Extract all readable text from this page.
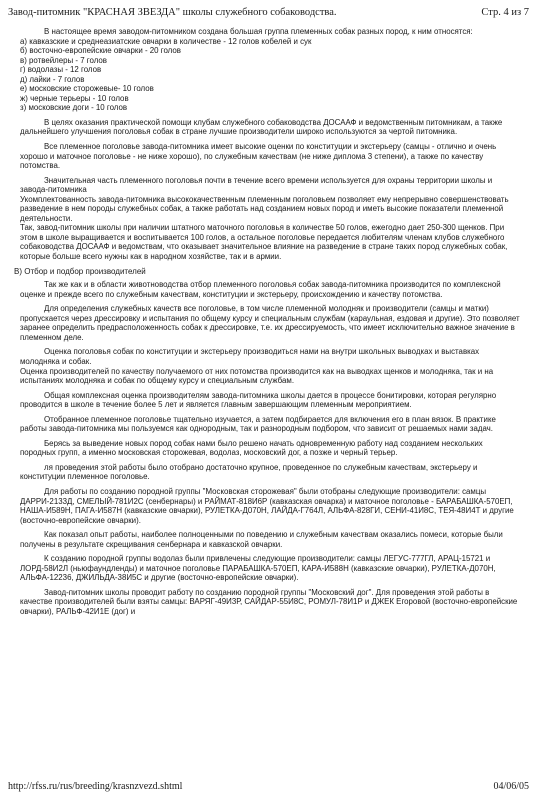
Завод-питомник "КРАСНАЯ ЗВЕЗДА" школы служебного собаководства.	Стр. 4 из 7

В настоящее время заводом-питомником создана большая группа племенных собак разных пород, к ним относятся:

а) кавказские и среднеазиатские овчарки в количестве - 12 голов кобелей и сук
б) восточно-европейские овчарки - 20 голов
в) ротвейлеры - 7 голов
г) водолазы - 12 голов
д) лайки - 7 голов
е) московские сторожевые- 10 голов
ж) черные терьеры - 10 голов
з) московские доги - 10 голов

В целях оказания практической помощи клубам служебного собаководства ДОСААФ и ведомственным питомникам, а также дальнейшего улучшения поголовья собак в стране лучшие производители широко используются за чертой питомника.

Все племенное поголовье завода-питомника имеет высокие оценки по конституции и экстерьеру (самцы - отлично и очень хорошо и маточное поголовье - не ниже хорошо), по служебным качествам (не ниже диплома 3 степени), а также по качеству потомства.

Значительная часть племенного поголовья почти в течение всего времени используется для охраны территории школы и завода-питомника

Укомплектованность завода-питомника высококачественным племенным поголовьем позволяет ему непрерывно совершенствовать разведение в нем породы служебных собак, а также работать над созданием новых пород и иметь высокие показатели племенной деятельности.

Так, завод-питомник школы при наличии штатного маточного поголовья в количестве 50 голов, ежегодно дает 250-300 щенков. При этом в школе выращивается и воспитывается 100 голов, а остальное поголовье передается любителям членам клубов служебного собаководства ДОСААФ и ведомствам, что оказывает значительное влияние на разведение в стране таких пород служебных собак, которые больше всего нужны как в народном хозяйстве, так и в армии.

В) Отбор и подбор производителей

Так же как и в области животноводства отбор племенного поголовья собак завода-питомника производится по комплексной оценке и прежде всего по служебным качествам, конституции и экстерьеру, происхождению и качеству потомства.

Для определения служебных качеств все поголовье, в том числе племенной молодняк и производители (самцы и матки) пропускается через дрессировку и испытания по общему курсу и специальным службам (караульная, ездовая и другие). Это позволяет заранее определить предрасположенность собак к дрессировке, т.е. их дрессируемость, что имеет исключительно важное значение в племенном деле.

Оценка поголовья собак по конституции и экстерьеру производиться нами на внутри школьных выводках и выставках молодняка и собак.

Оценка производителей по качеству получаемого от них потомства производится как на выводках щенков и молодняка, так и на испытаниях молодняка и собак по общему курсу и специальным службам.

Общая комплексная оценка производителям завода-питомника школы дается в процессе бонитировки, которая регулярно проводится в школе в течение более 5 лет и является главным завершающим племенным мероприятием.

Отобранное племенное поголовье тщательно изучается, а затем подбирается для включения его в план вязок. В практике работы завода-питомника мы пользуемся как однородным, так и разнородным подбором, что зависит от решаемых нами задач.

Берясь за выведение новых пород собак нами было решено начать одновременную работу над созданием нескольких породных групп, а именно московская сторожевая, водолаз, московский дог, а позже и черный терьер.

ля проведения этой работы было отобрано достаточно крупное, проведенное по служебным качествам, экстерьеру и конституции племенное поголовье.

Для работы по созданию породной группы "Московская сторожевая" были отобраны следующие производители: самцы ДАРРИ-2133Д, СМЕЛЫЙ-781И2С (сенбернары) и РАЙМАТ-818И6Р (кавказская овчарка) и маточное поголовье - БАРАБАШКА-570ЕП, НАША-И589Н, ПАГА-И587Н (кавказские овчарки), РУЛЕТКА-Д070Н, ЛАЙДА-Г764Л, АЛЬФА-828ГИ, СЕНИ-41И8С, ТЕЯ-48И4Т и другие (восточно-европейские овчарки).

Как показал опыт работы, наиболее полноценными по поведению и служебным качествам оказались помеси, которые были получены в результате скрещивания сенбернара и кавказской овчарки.

К созданию породной группы водолаз были привлечены следующие производители: самцы ЛЕГУС-777ГЛ, АРАЦ-15721 и ЛОРД-58И2Л (ньюфаундленды) и маточное поголовье ПАРАБАШКА-570ЕП, КАРА-И588Н (кавказские овчарки), РУЛЕТКА-Д070Н, АЛЬФА-12236, ДЖИЛЬДА-38И5С и другие (восточно-европейские овчарки).

Завод-питомник школы проводит работу по созданию породной группы "Московский дог". Для проведения этой работы в качестве производителей были взяты самцы: ВАРЯГ-49И3Р, САЙДАР-55И8С, РОМУЛ-78И1Р и ДЖЕК Егоровой (восточно-европейские овчарки), РАЛЬФ-42И1Е (дог) и

http://rfss.ru/rus/breeding/krasnzvezd.shtml	04/06/05
